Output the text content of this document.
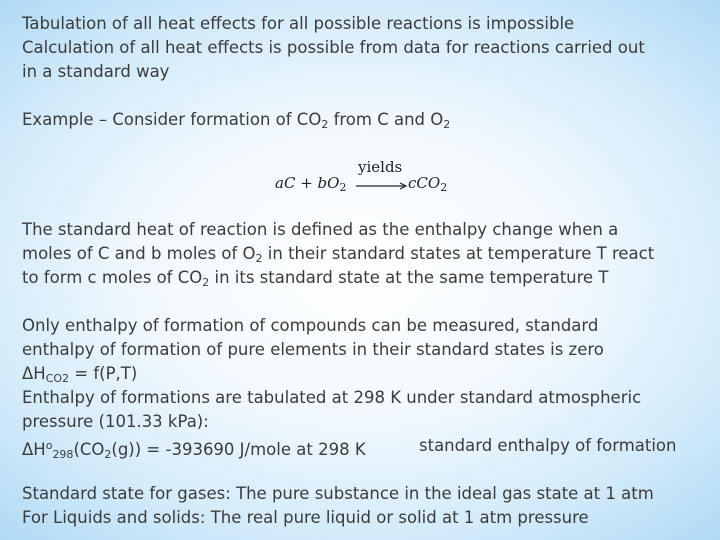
Tabulation of all heat effects for all possible reactions is impossible
Calculation of all heat effects is possible from data for reactions carried out
in a standard way
Example – Consider formation of $CO_2$ from C and $O_2$
aC + $bO_2$
yields
→ cCO$_2$
The standard heat of reaction is defined as the enthalpy change when a
moles of C and b moles of $O_2$ in their standard states at temperature T react
to form c moles of $CO_2$ in its standard state at the same temperature T
Only enthalpy of formation of compounds can be measured, standard
enthalpy of formation of pure elements in their standard states is zero
$\Delta H_{CO2} = f(P,T)$
Enthalpy of formations are tabulated at 298 K under standard atmospheric
pressure (101.33 kPa):
$\Delta H^o_{298}(CO_2(g)) = -393690$ J/mole at 298 K	standard enthalpy of formation
Standard state for gases: The pure substance in the ideal gas state at 1 atm
For Liquids and solids: The real pure liquid or solid at 1 atm pressure
